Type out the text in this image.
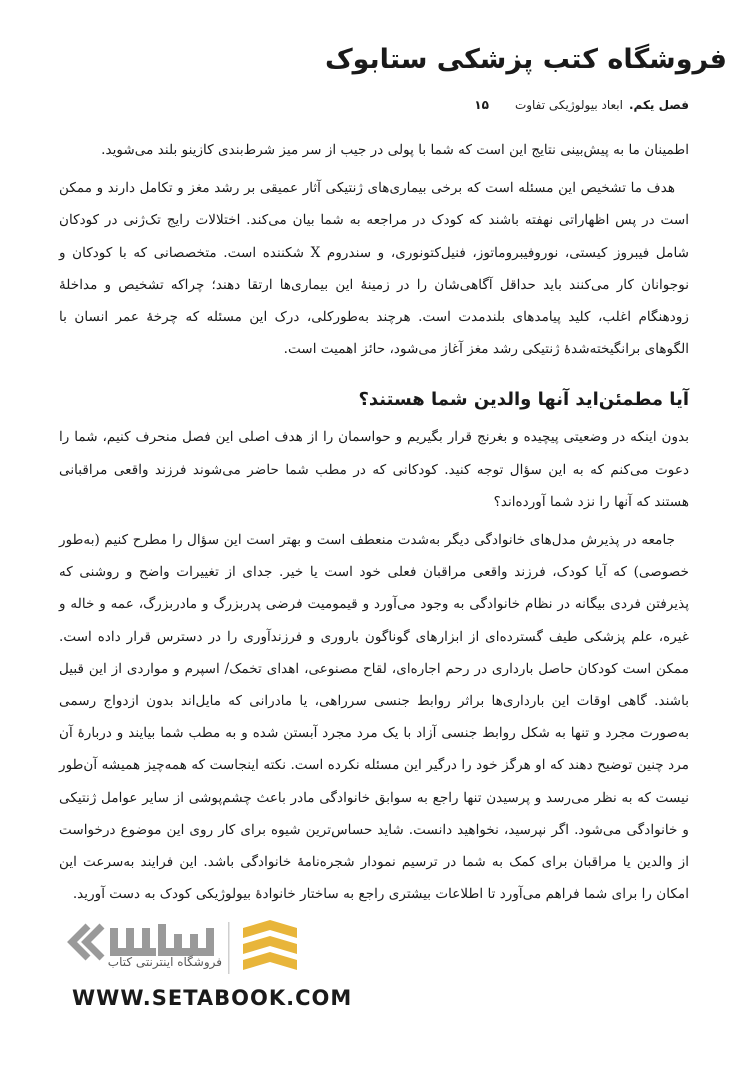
فروشگاه کتب پزشکی ستابوک
فصل یکم.
ابعاد بیولوژیکی تفاوت
۱۵

اطمینان ما به پیش‌بینی نتایج این است که شما با پولی در جیب از سر میز شرط‌بندی کازینو بلند می‌شوید.

هدف ما تشخیص این مسئله است که برخی بیماری‌های ژنتیکی آثار عمیقی بر رشد مغز و تکامل دارند و ممکن است در پس اظهاراتی نهفته باشند که کودک در مراجعه به شما بیان می‌کند. اختلالات رایج تک‌ژنی در کودکان شامل فیبروز کیستی، نوروفیبروماتوز، فنیل‌کتونوری، و سندروم X شکننده است. متخصصانی که با کودکان و نوجوانان کار می‌کنند باید حداقل آگاهی‌شان را در زمینهٔ این بیماری‌ها ارتقا دهند؛ چراکه تشخیص و مداخلهٔ زودهنگام اغلب، کلید پیامدهای بلندمدت است. هرچند به‌طورکلی، درک این مسئله که چرخهٔ عمر انسان با الگوهای برانگیخته‌شدهٔ ژنتیکی رشد مغز آغاز می‌شود، حائز اهمیت است.

آیا مطمئن‌اید آنها والدین شما هستند؟

بدون اینکه در وضعیتی پیچیده و بغرنج قرار بگیریم و حواسمان را از هدف اصلی این فصل منحرف کنیم، شما را دعوت می‌کنم که به این سؤال توجه کنید. کودکانی که در مطب شما حاضر می‌شوند فرزند واقعی مراقبانی هستند که آنها را نزد شما آورده‌اند؟

جامعه در پذیرش مدل‌های خانوادگی دیگر به‌شدت منعطف است و بهتر است این سؤال را مطرح کنیم (به‌طور خصوصی) که آیا کودک، فرزند واقعی مراقبان فعلی خود است یا خیر. جدای از تغییرات واضح و روشنی که پذیرفتن فردی بیگانه در نظام خانوادگی به وجود می‌آورد و قیمومیت فرضی پدربزرگ و مادربزرگ، عمه و خاله و غیره، علم پزشکی طیف گسترده‌ای از ابزارهای گوناگون باروری و فرزندآوری را در دسترس قرار داده است. ممکن است کودکان حاصل بارداری در رحم اجاره‌ای، لقاح مصنوعی، اهدای تخمک/ اسپرم و مواردی از این قبیل باشند. گاهی اوقات این بارداری‌ها براثر روابط جنسی سرراهی، یا مادرانی که مایل‌اند بدون ازدواج رسمی به‌صورت مجرد و تنها به شکل روابط جنسی آزاد با یک مرد مجرد آبستن شده و به مطب شما بیایند و دربارهٔ آن مرد چنین توضیح دهند که او هرگز خود را درگیر این مسئله نکرده است. نکته اینجاست که همه‌چیز همیشه آن‌طور نیست که به نظر می‌رسد و پرسیدن تنها راجع به سوابق خانوادگی مادر باعث چشم‌پوشی از سایر عوامل ژنتیکی و خانوادگی می‌شود. اگر نپرسید، نخواهید دانست. شاید حساس‌ترین شیوه برای کار روی این موضوع درخواست از والدین یا مراقبان برای کمک به شما در ترسیم نمودار شجره‌نامهٔ خانوادگی باشد. این فرایند به‌سرعت این امکان را برای شما فراهم می‌آورد تا اطلاعات بیشتری راجع به ساختار خانوادهٔ بیولوژیکی کودک به دست آورید.

فروشگاه اینترنتی کتاب
WWW.SETABOOK.COM
